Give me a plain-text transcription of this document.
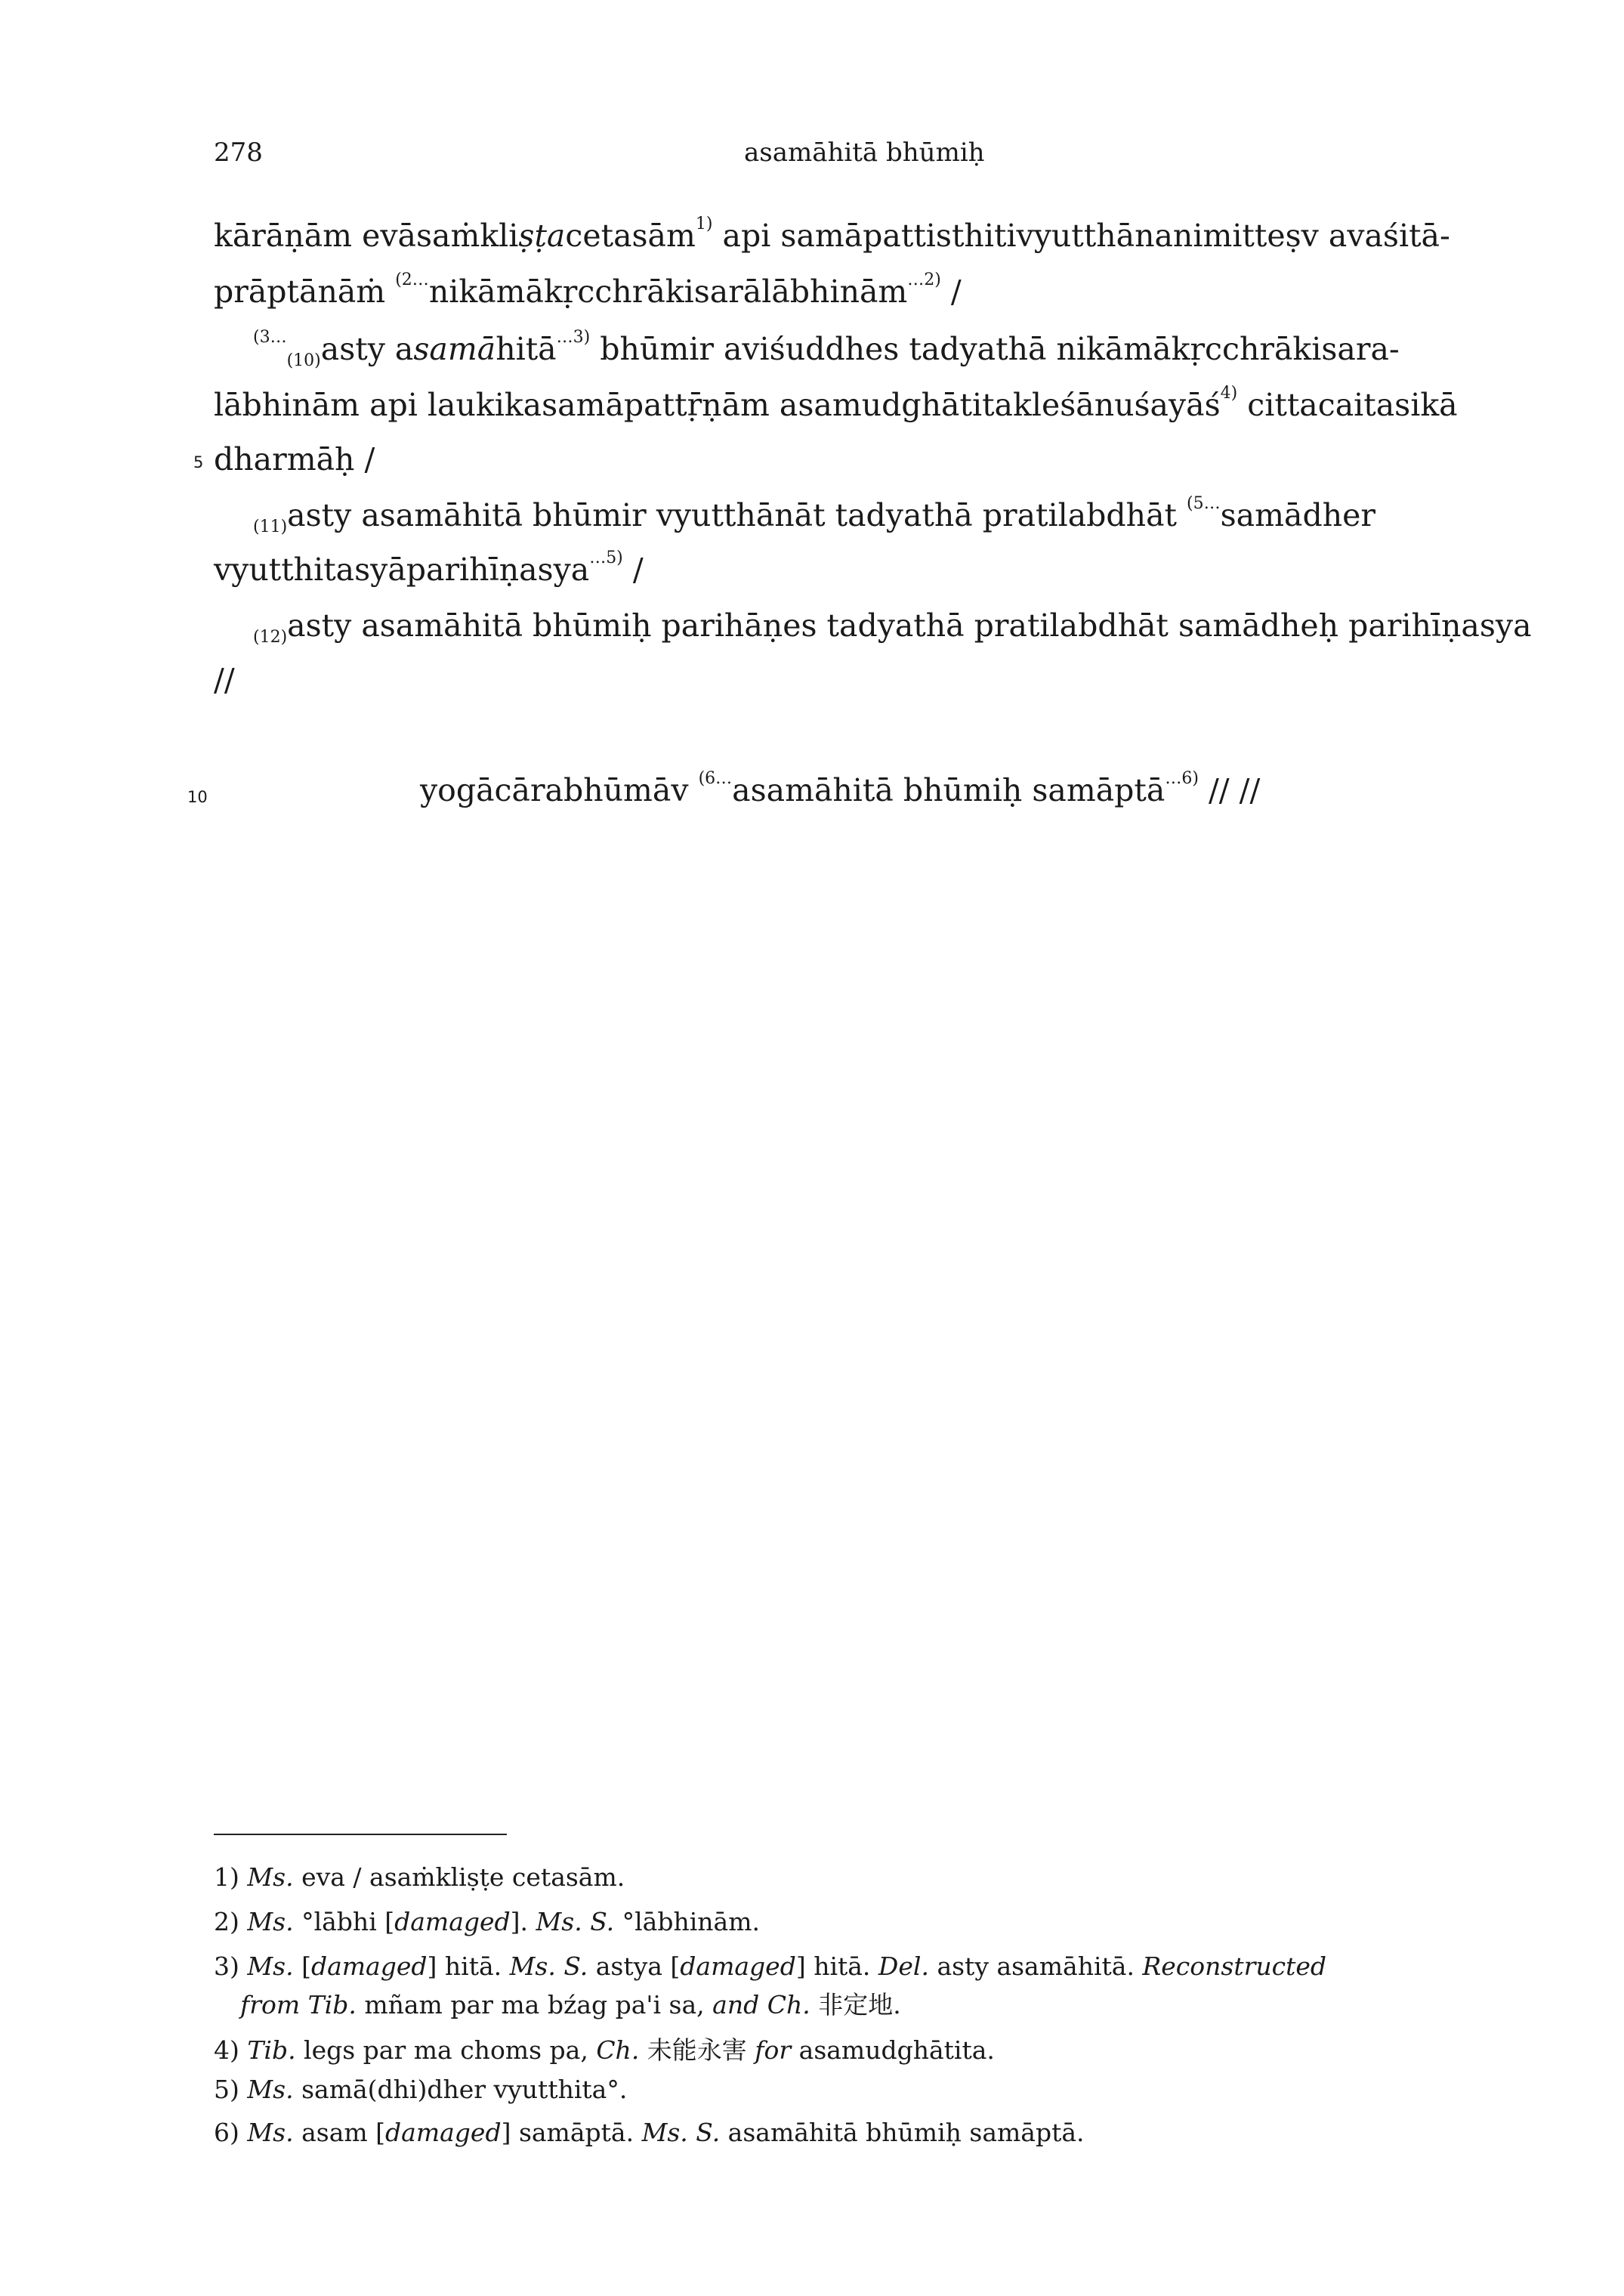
278	asamāhitā bhūmiḥ
kārāṇām evāsaṁkliṣṭacetasām$^{1)}$ api samāpattisthitivyutthānanimitteṣv avaśitā-
prāptānāṁ $^{(2\dots}$nikāmākṛcchrākisarālābhinām$^{\dots 2)}$ /
$^{(3\dots}_{(10)}$asty asamāhitā$^{\dots 3)}$ bhūmir aviśuddhes tadyathā nikāmākṛcchrākisara-
lābhinām api laukikasamāpattṝṇām asamudghātitakleśānuśayāś$^{4)}$ cittacaitasikā
5 dharmāḥ /
$_{(11)}$asty asamāhitā bhūmir vyutthānāt tadyathā pratilabdhāt $^{(5\dots}$samādher
vyutthitasyāparihīṇasya$^{\dots 5)}$ /
$_{(12)}$asty asamāhitā bhūmiḥ parihāṇes tadyathā pratilabdhāt samādheḥ parihīṇasya
//
10	yogācārabhūmāv $^{(6\dots}$asamāhitā bhūmiḥ samāptā$^{\dots 6)}$ // //
1) Ms. eva / asaṁkliṣṭe cetasām.
2) Ms. °lābhi [damaged]. Ms. S. °lābhinām.
3) Ms. [damaged] hitā. Ms. S. astya [damaged] hitā. Del. asty asamāhitā. Reconstructed
from Tib. mñam par ma bźag pa'i sa, and Ch. 非定地.
4) Tib. legs par ma choms pa, Ch. 未能永害 for asamudghātita.
5) Ms. samā(dhi)dher vyutthita°.
6) Ms. asam [damaged] samāptā. Ms. S. asamāhitā bhūmiḥ samāptā.
